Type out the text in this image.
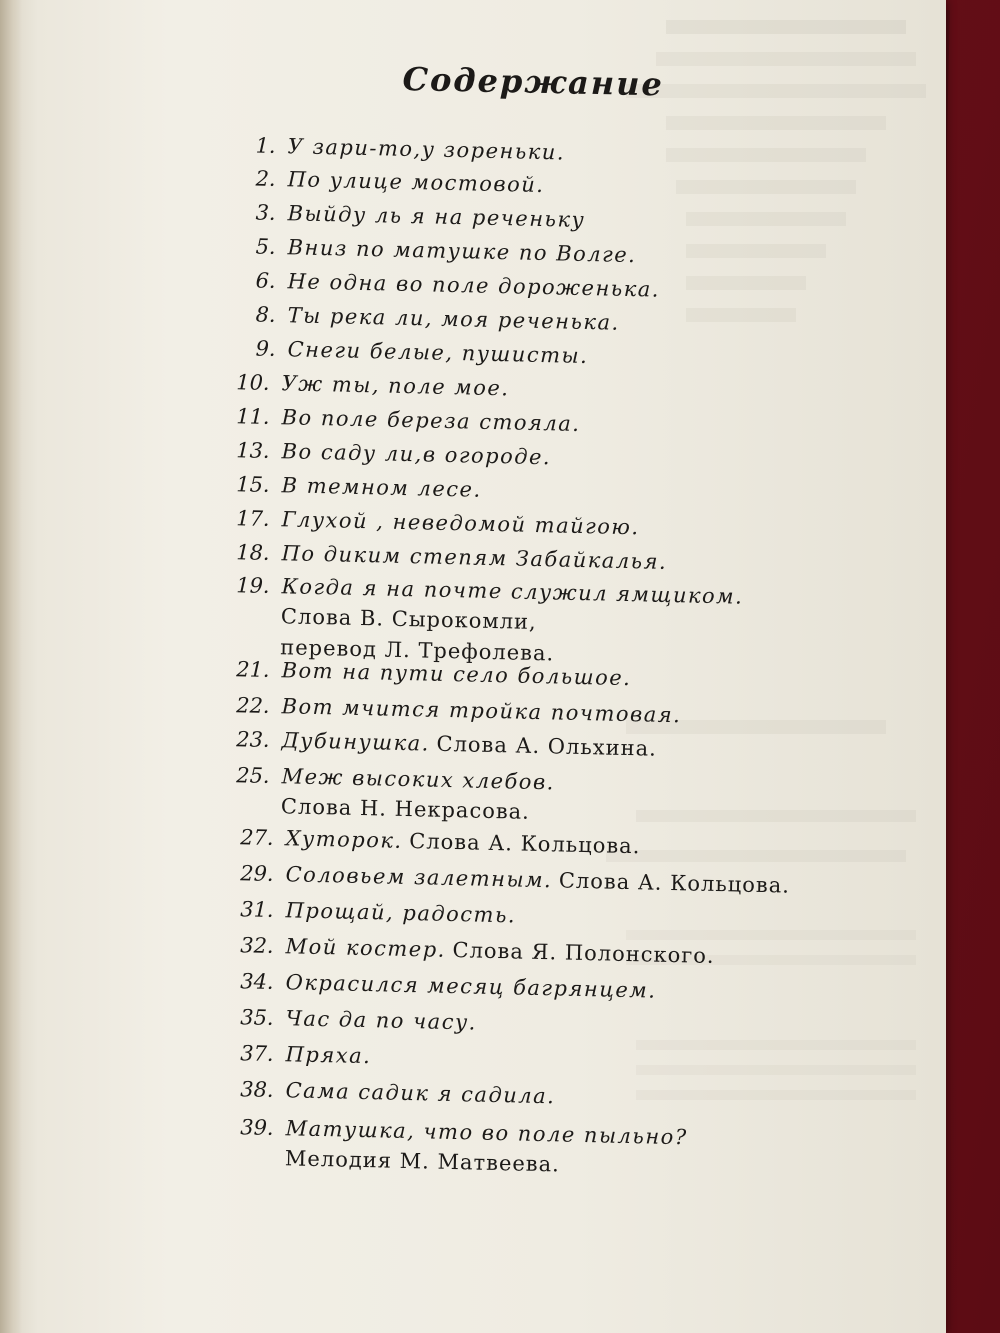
Содержание
1. У зари-то,у зореньки.
2. По улице мостовой.
3. Выйду ль я на реченьку
5. Вниз по матушке по Волге.
6. Не одна во поле дороженька.
8. Ты река ли, моя реченька.
9. Снеги белые, пушисты.
10. Уж ты, поле мое.
11. Во поле береза стояла.
13. Во саду ли,в огороде.
15. В темном лесе.
17. Глухой , неведомой тайгою.
18. По диким степям Забайкалья.
19. Когда я на почте служил ямщиком.
Слова В. Сырокомли,
перевод Л. Трефолева.
21. Вот на пути село большое.
22. Вот мчится тройка почтовая.
23. Дубинушка. Слова А. Ольхина.
25. Меж высоких хлебов.
Слова Н. Некрасова.
27. Хуторок. Слова А. Кольцова.
29. Соловьем залетным. Слова А. Кольцова.
31. Прощай, радость.
32. Мой костер. Слова Я. Полонского.
34. Окрасился месяц багрянцем.
35. Час да по часу.
37. Пряха.
38. Сама садик я садила.
39. Матушка, что во поле пыльно?
Мелодия М. Матвеева.
